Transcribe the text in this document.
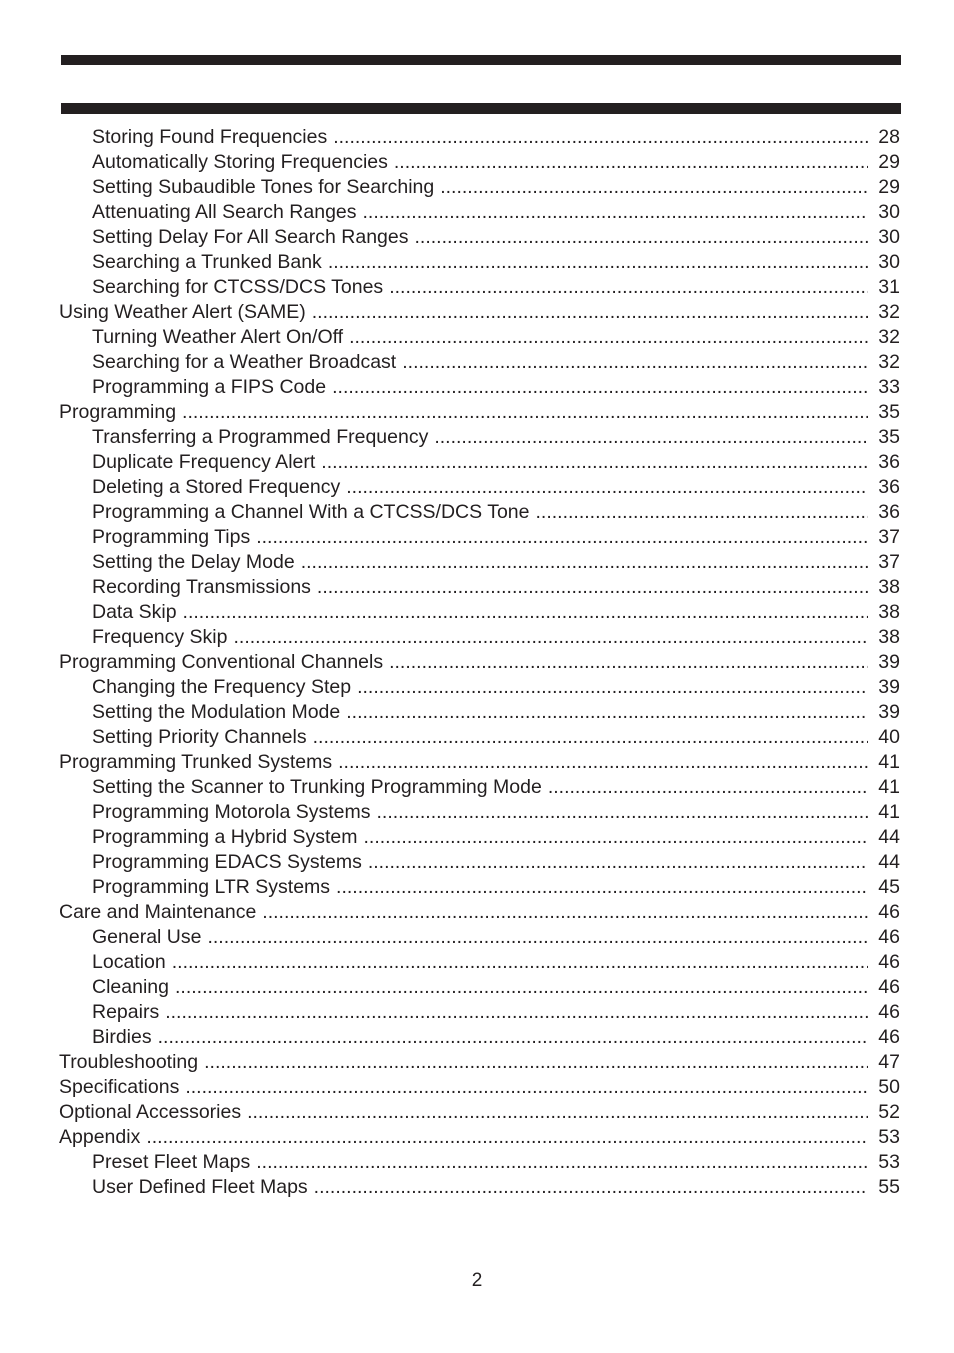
Storing Found Frequencies .....	28
Automatically Storing Frequencies .....	29
Setting Subaudible Tones for Searching .....	29
Attenuating All Search Ranges .....	30
Setting Delay For All Search Ranges .....	30
Searching a Trunked Bank .....	30
Searching for CTCSS/DCS Tones .....	31
Using Weather Alert (SAME) .....	32
Turning Weather Alert On/Off .....	32
Searching for a Weather Broadcast .....	32
Programming a FIPS Code .....	33
Programming .....	35
Transferring a Programmed Frequency .....	35
Duplicate Frequency Alert .....	36
Deleting a Stored Frequency .....	36
Programming a Channel With a CTCSS/DCS Tone .....	36
Programming Tips .....	37
Setting the Delay Mode .....	37
Recording Transmissions .....	38
Data Skip .....	38
Frequency Skip .....	38
Programming Conventional Channels .....	39
Changing the Frequency Step .....	39
Setting the Modulation Mode .....	39
Setting Priority Channels .....	40
Programming Trunked Systems .....	41
Setting the Scanner to Trunking Programming Mode .....	41
Programming Motorola Systems .....	41
Programming a Hybrid System .....	44
Programming EDACS Systems .....	44
Programming LTR Systems .....	45
Care and Maintenance .....	46
General Use .....	46
Location .....	46
Cleaning .....	46
Repairs .....	46
Birdies .....	46
Troubleshooting .....	47
Specifications .....	50
Optional Accessories .....	52
Appendix .....	53
Preset Fleet Maps .....	53
User Defined Fleet Maps .....	55
2
